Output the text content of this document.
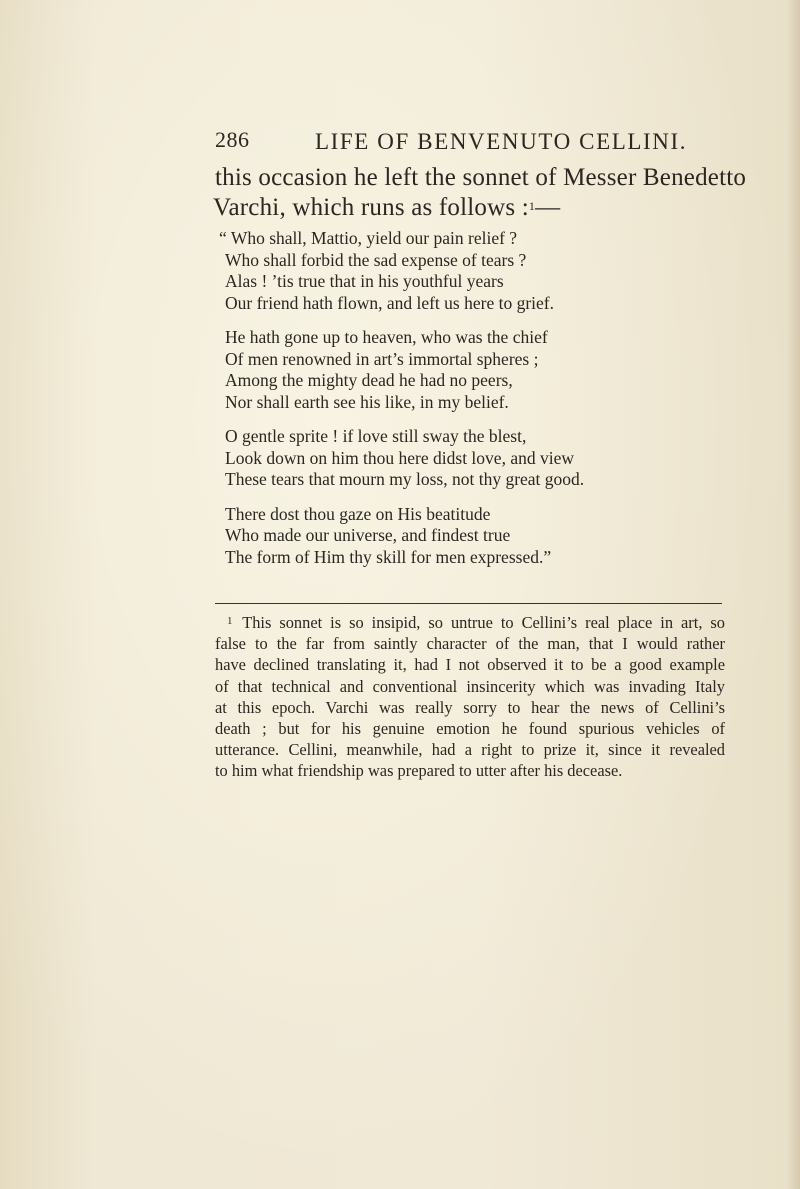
286	LIFE OF BENVENUTO CELLINI.

this occasion he left the sonnet of Messer Benedetto

Varchi, which runs as follows :$^1$—

“ Who shall, Mattio, yield our pain relief ?
Who shall forbid the sad expense of tears ?
Alas ! ’tis true that in his youthful years
Our friend hath flown, and left us here to grief.
He hath gone up to heaven, who was the chief
Of men renowned in art’s immortal spheres ;
Among the mighty dead he had no peers,
Nor shall earth see his like, in my belief.
O gentle sprite ! if love still sway the blest,
Look down on him thou here didst love, and view
These tears that mourn my loss, not thy great good.
There dost thou gaze on His beatitude
Who made our universe, and findest true
The form of Him thy skill for men expressed.”
$^1$ This sonnet is so insipid, so untrue to Cellini’s real place in art, so
false to the far from saintly character of the man, that I would rather
have declined translating it, had I not observed it to be a good example
of that technical and conventional insincerity which was invading Italy
at this epoch. Varchi was really sorry to hear the news of Cellini’s
death ; but for his genuine emotion he found spurious vehicles of
utterance. Cellini, meanwhile, had a right to prize it, since it revealed
to him what friendship was prepared to utter after his decease.
